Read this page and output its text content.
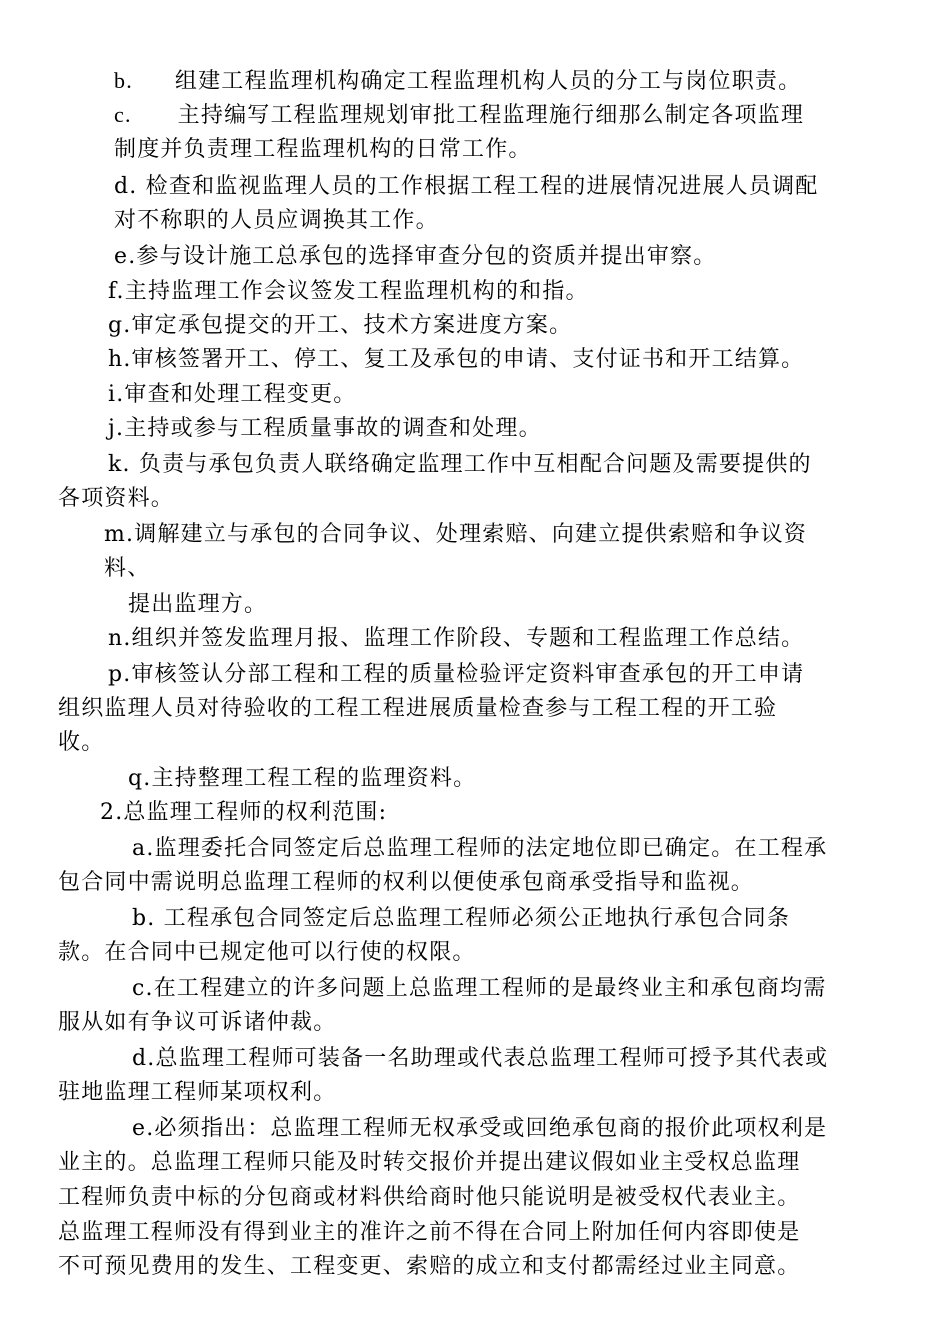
b. 组建工程监理机构确定工程监理机构人员的分工与岗位职责。
c. 主持编写工程监理规划审批工程监理施行细那么制定各项监理
制度并负责理工程监理机构的日常工作。
d. 检查和监视监理人员的工作根据工程工程的进展情况进展人员调配
对不称职的人员应调换其工作。
e.参与设计施工总承包的选择审查分包的资质并提出审察。
f.主持监理工作会议签发工程监理机构的和指。
g.审定承包提交的开工、技术方案进度方案。
h.审核签署开工、停工、复工及承包的申请、支付证书和开工结算。
i.审查和处理工程变更。
j.主持或参与工程质量事故的调查和处理。
k. 负责与承包负责人联络确定监理工作中互相配合问题及需要提供的
各项资料。
m.调解建立与承包的合同争议、处理索赔、向建立提供索赔和争议资
料、
提出监理方。
n.组织并签发监理月报、监理工作阶段、专题和工程监理工作总结。
p.审核签认分部工程和工程的质量检验评定资料审查承包的开工申请
组织监理人员对待验收的工程工程进展质量检查参与工程工程的开工验
收。
q.主持整理工程工程的监理资料。
2.总监理工程师的权利范围:
a.监理委托合同签定后总监理工程师的法定地位即已确定。在工程承
包合同中需说明总监理工程师的权利以便使承包商承受指导和监视。
b. 工程承包合同签定后总监理工程师必须公正地执行承包合同条
款。在合同中已规定他可以行使的权限。
c.在工程建立的许多问题上总监理工程师的是最终业主和承包商均需
服从如有争议可诉诸仲裁。
d.总监理工程师可装备一名助理或代表总监理工程师可授予其代表或
驻地监理工程师某项权利。
e.必须指出：总监理工程师无权承受或回绝承包商的报价此项权利是
业主的。总监理工程师只能及时转交报价并提出建议假如业主受权总监理
工程师负责中标的分包商或材料供给商时他只能说明是被受权代表业主。
总监理工程师没有得到业主的准许之前不得在合同上附加任何内容即使是
不可预见费用的发生、工程变更、索赔的成立和支付都需经过业主同意。
